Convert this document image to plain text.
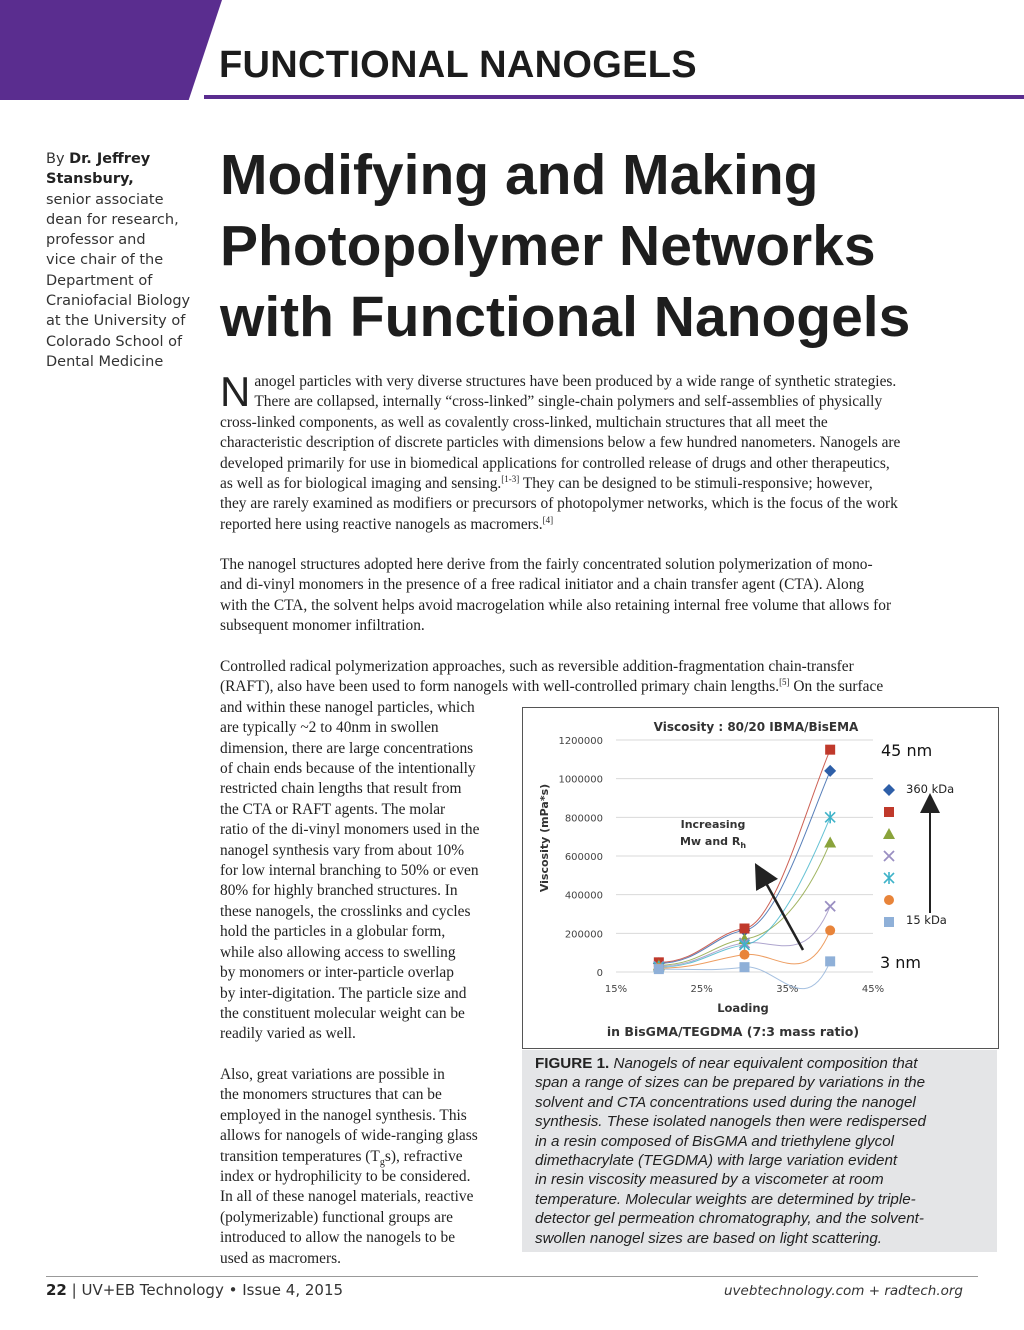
FUNCTIONAL NANOGELS
By Dr. Jeffrey
Stansbury,
senior associate
dean for research,
professor and
vice chair of the
Department of
Craniofacial Biology
at the University of
Colorado School of
Dental Medicine
Modifying and Making
Photopolymer Networks
with Functional Nanogels
N anogel particles with very diverse structures have been produced by a wide range of synthetic strategies.
There are collapsed, internally “cross-linked” single-chain polymers and self-assemblies of physically
cross-linked components, as well as covalently cross-linked, multichain structures that all meet the
characteristic description of discrete particles with dimensions below a few hundred nanometers. Nanogels are
developed primarily for use in biomedical applications for controlled release of drugs and other therapeutics,
as well as for biological imaging and sensing.[1-3] They can be designed to be stimuli-responsive; however,
they are rarely examined as modifiers or precursors of photopolymer networks, which is the focus of the work
reported here using reactive nanogels as macromers.[4]
The nanogel structures adopted here derive from the fairly concentrated solution polymerization of mono-
and di-vinyl monomers in the presence of a free radical initiator and a chain transfer agent (CTA). Along
with the CTA, the solvent helps avoid macrogelation while also retaining internal free volume that allows for
subsequent monomer infiltration.
Controlled radical polymerization approaches, such as reversible addition-fragmentation chain-transfer
(RAFT), also have been used to form nanogels with well-controlled primary chain lengths.[5] On the surface
and within these nanogel particles, which
are typically ~2 to 40nm in swollen
dimension, there are large concentrations
of chain ends because of the intentionally
restricted chain lengths that result from
the CTA or RAFT agents. The molar
ratio of the di-vinyl monomers used in the
nanogel synthesis vary from about 10%
for low internal branching to 50% or even
80% for highly branched structures. In
these nanogels, the crosslinks and cycles
hold the particles in a globular form,
while also allowing access to swelling
by monomers or inter-particle overlap
by inter-digitation. The particle size and
the constituent molecular weight can be
readily varied as well.
Also, great variations are possible in
the monomers structures that can be
employed in the nanogel synthesis. This
allows for nanogels of wide-ranging glass
transition temperatures $(T_gs)$, refractive
index or hydrophilicity to be considered.
In all of these nanogel materials, reactive
(polymerizable) functional groups are
introduced to allow the nanogels to be
used as macromers.
Viscosity : 80/20 IBMA/BisEMA
0
200000
400000
600000
800000
1000000
1200000
15%	25%	35%	45%
Viscosity (mPa*s)
Loading
in BisGMA/TEGDMA (7:3 mass ratio)
Increasing
Mw and $R_h$
45 nm
360 kDa
15 kDa
3 nm
FIGURE 1. Nanogels of near equivalent composition that
span a range of sizes can be prepared by variations in the
solvent and CTA concentrations used during the nanogel
synthesis. These isolated nanogels then were redispersed
in a resin composed of BisGMA and triethylene glycol
dimethacrylate (TEGDMA) with large variation evident
in resin viscosity measured by a viscometer at room
temperature. Molecular weights are determined by triple-
detector gel permeation chromatography, and the solvent-
swollen nanogel sizes are based on light scattering.
22 | UV+EB Technology • Issue 4, 2015	uvebtechnology.com + radtech.org
